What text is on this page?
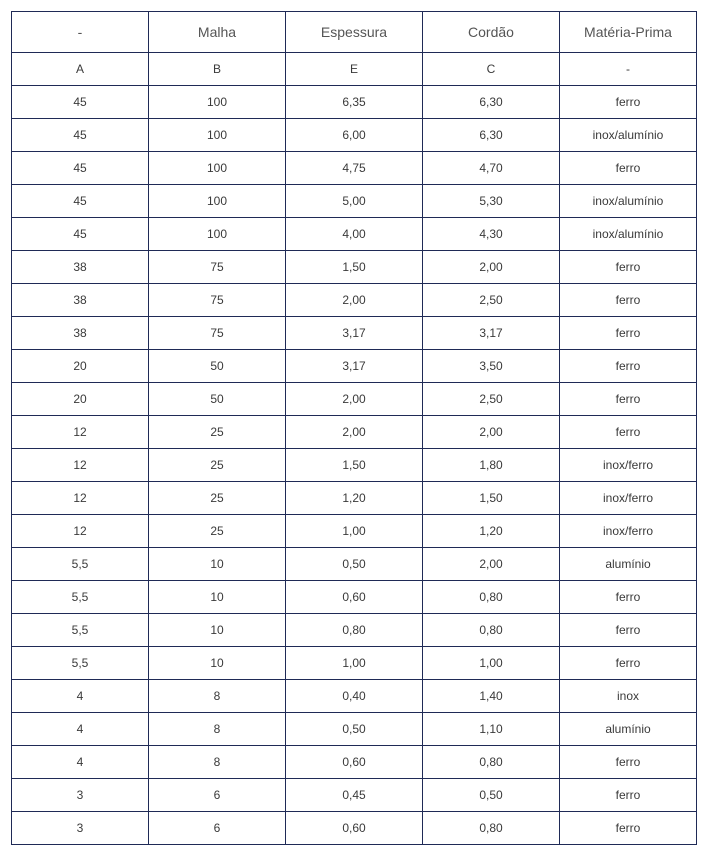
-	Malha	Espessura	Cordão	Matéria-Prima
A	B	E	C	-
45	100	6,35	6,30	ferro
45	100	6,00	6,30	inox/alumínio
45	100	4,75	4,70	ferro
45	100	5,00	5,30	inox/alumínio
45	100	4,00	4,30	inox/alumínio
38	75	1,50	2,00	ferro
38	75	2,00	2,50	ferro
38	75	3,17	3,17	ferro
20	50	3,17	3,50	ferro
20	50	2,00	2,50	ferro
12	25	2,00	2,00	ferro
12	25	1,50	1,80	inox/ferro
12	25	1,20	1,50	inox/ferro
12	25	1,00	1,20	inox/ferro
5,5	10	0,50	2,00	alumínio
5,5	10	0,60	0,80	ferro
5,5	10	0,80	0,80	ferro
5,5	10	1,00	1,00	ferro
4	8	0,40	1,40	inox
4	8	0,50	1,10	alumínio
4	8	0,60	0,80	ferro
3	6	0,45	0,50	ferro
3	6	0,60	0,80	ferro
